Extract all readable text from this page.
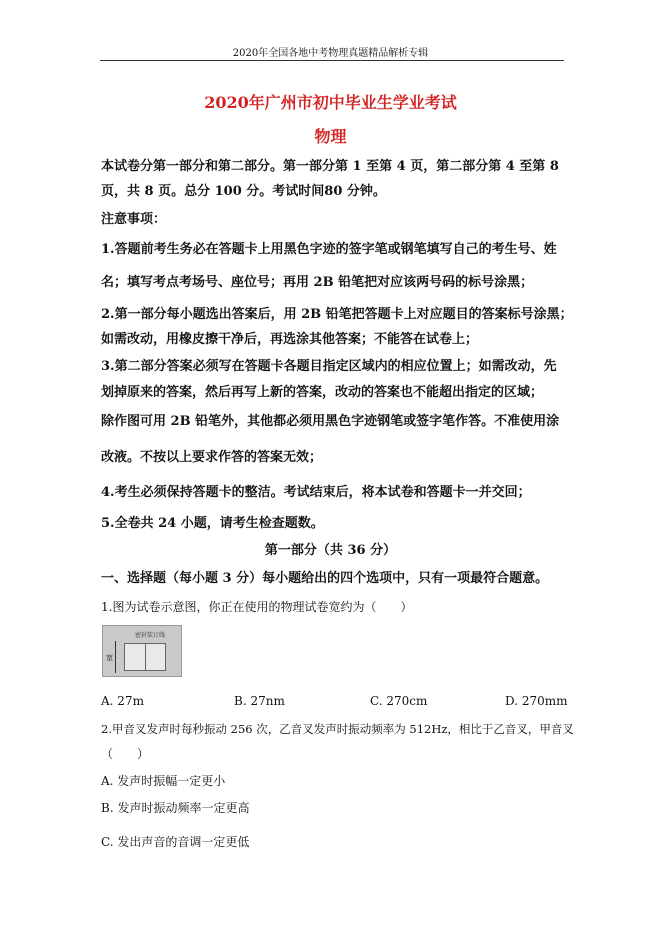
2020年全国各地中考物理真题精品解析专辑
2020年广州市初中毕业生学业考试
物理
本试卷分第一部分和第二部分。第一部分第 1 至第 4 页，第二部分第 4 至第 8
页，共 8 页。总分 100 分。考试时间80 分钟。
注意事项：
1.答题前考生务必在答题卡上用黑色字迹的签字笔或钢笔填写自己的考生号、姓
名；填写考点考场号、座位号；再用 2B 铅笔把对应该两号码的标号涂黑；
2.第一部分每小题选出答案后，用 2B 铅笔把答题卡上对应题目的答案标号涂黑；
如需改动，用橡皮擦干净后，再选涂其他答案；不能答在试卷上；
3.第二部分答案必须写在答题卡各题目指定区域内的相应位置上；如需改动，先
划掉原来的答案，然后再写上新的答案，改动的答案也不能超出指定的区域；
除作图可用 2B 铅笔外，其他都必须用黑色字迹钢笔或签字笔作答。不准使用涂
改液。不按以上要求作答的答案无效；
4.考生必须保持答题卡的整洁。考试结束后，将本试卷和答题卡一并交回；
5.全卷共 24 小题，请考生检查题数。
第一部分（共 36 分）
一、选择题（每小题 3 分）每小题给出的四个选项中，只有一项最符合题意。
1.图为试卷示意图，你正在使用的物理试卷宽约为（　　）
密封装订线
宽
A. 27m	B. 27nm	C. 270cm	D. 270mm
2.甲音叉发声时每秒振动 256 次，乙音叉发声时振动频率为 512Hz，相比于乙音叉，甲音叉
（　　）
A. 发声时振幅一定更小
B. 发声时振动频率一定更高
C. 发出声音的音调一定更低
